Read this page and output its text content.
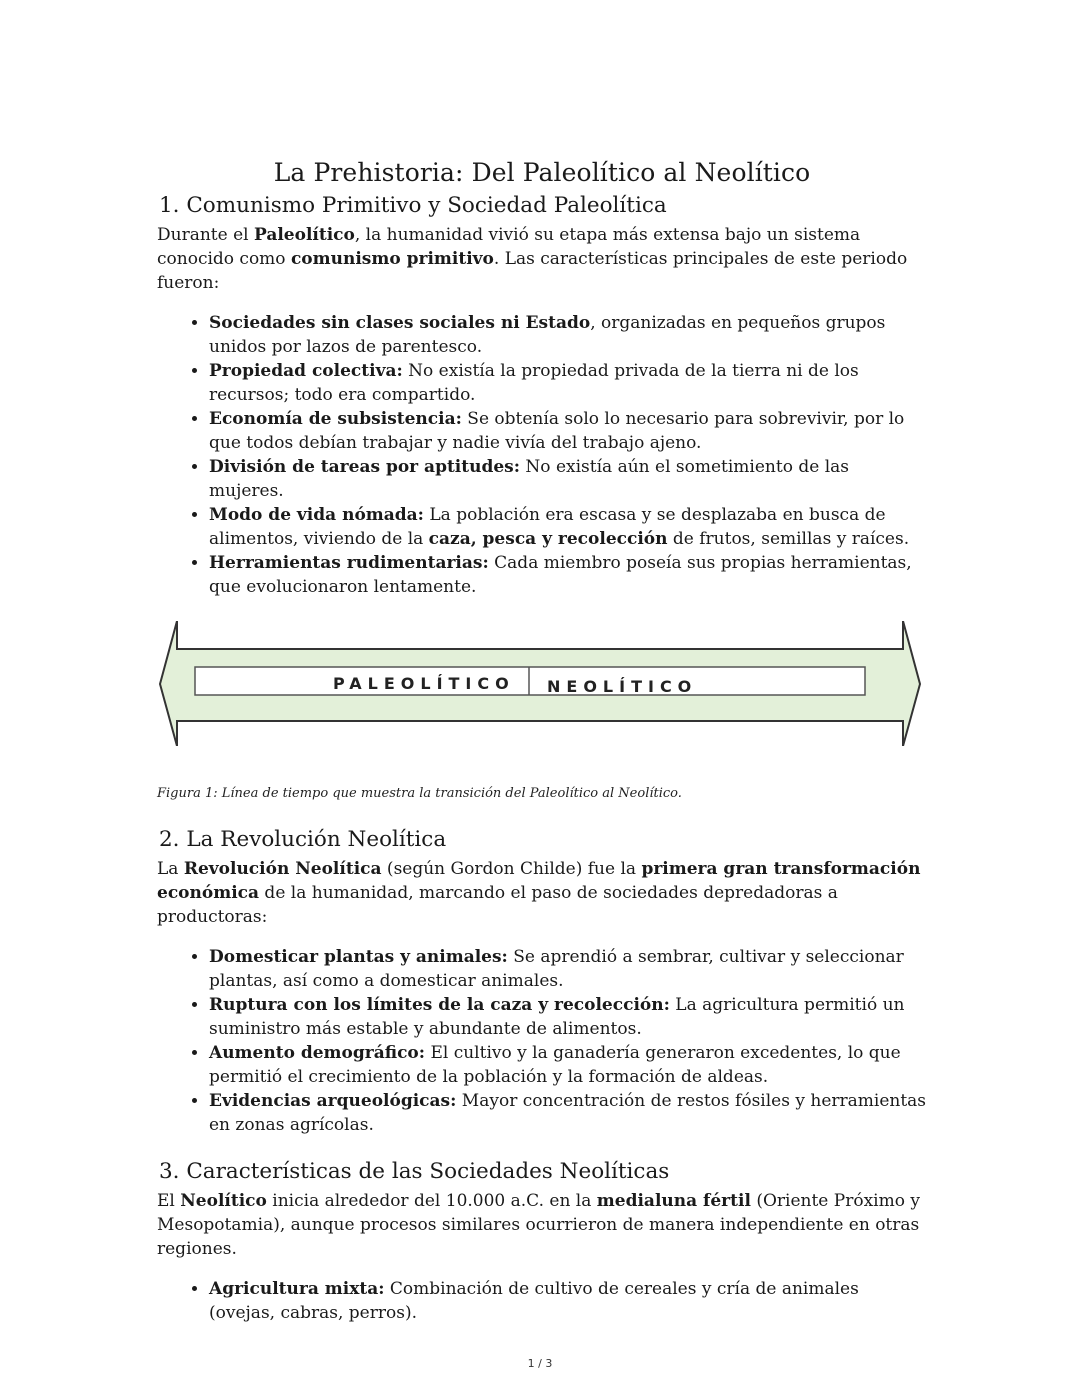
La Prehistoria: Del Paleolítico al Neolítico
1. Comunismo Primitivo y Sociedad Paleolítica

Durante el Paleolítico, la humanidad vivió su etapa más extensa bajo un sistema conocido como comunismo primitivo. Las características principales de este periodo fueron:

• Sociedades sin clases sociales ni Estado, organizadas en pequeños grupos unidos por lazos de parentesco.
• Propiedad colectiva: No existía la propiedad privada de la tierra ni de los recursos; todo era compartido.
• Economía de subsistencia: Se obtenía solo lo necesario para sobrevivir, por lo que todos debían trabajar y nadie vivía del trabajo ajeno.
• División de tareas por aptitudes: No existía aún el sometimiento de las mujeres.
• Modo de vida nómada: La población era escasa y se desplazaba en busca de alimentos, viviendo de la caza, pesca y recolección de frutos, semillas y raíces.
• Herramientas rudimentarias: Cada miembro poseía sus propias herramientas, que evolucionaron lentamente.
PALEOLÍTICO NEOLÍTICO

Figura 1: Línea de tiempo que muestra la transición del Paleolítico al Neolítico.

2. La Revolución Neolítica

La Revolución Neolítica (según Gordon Childe) fue la primera gran transformación económica de la humanidad, marcando el paso de sociedades depredadoras a productoras:

• Domesticar plantas y animales: Se aprendió a sembrar, cultivar y seleccionar plantas, así como a domesticar animales.
• Ruptura con los límites de la caza y recolección: La agricultura permitió un suministro más estable y abundante de alimentos.
• Aumento demográfico: El cultivo y la ganadería generaron excedentes, lo que permitió el crecimiento de la población y la formación de aldeas.
• Evidencias arqueológicas: Mayor concentración de restos fósiles y herramientas en zonas agrícolas.
3. Características de las Sociedades Neolíticas

El Neolítico inicia alrededor del 10.000 a.C. en la medialuna fértil (Oriente Próximo y Mesopotamia), aunque procesos similares ocurrieron de manera independiente en otras regiones.

• Agricultura mixta: Combinación de cultivo de cereales y cría de animales (ovejas, cabras, perros).
1 / 3
